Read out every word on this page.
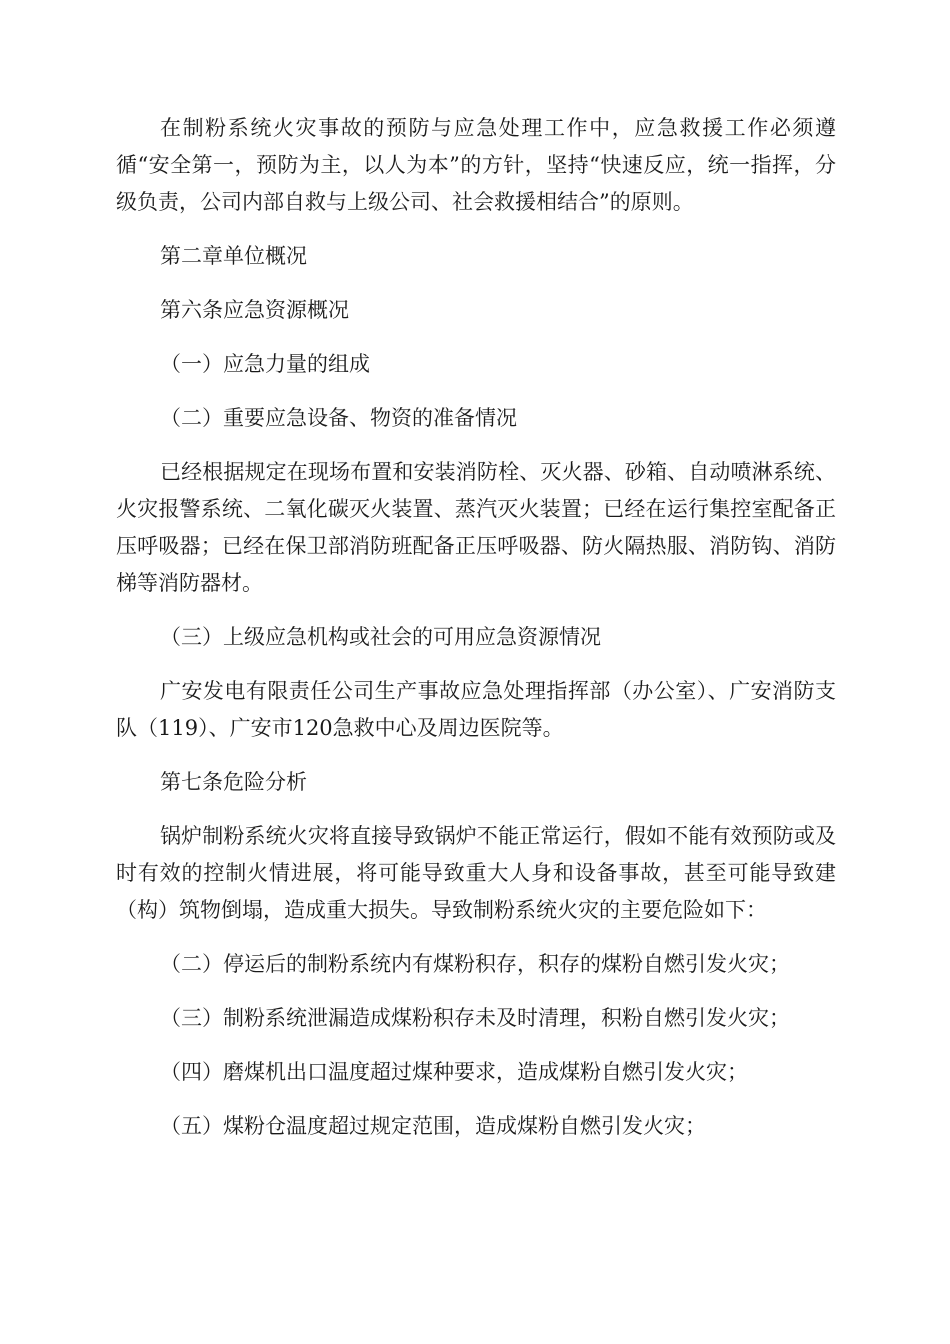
在制粉系统火灾事故的预防与应急处理工作中，应急救援工作必须遵循“安全第一，预防为主，以人为本”的方针，坚持“快速反应，统一指挥，分级负责，公司内部自救与上级公司、社会救援相结合”的原则。

第二章单位概况

第六条应急资源概况

（一）应急力量的组成

（二）重要应急设备、物资的准备情况

已经根据规定在现场布置和安装消防栓、灭火器、砂箱、自动喷淋系统、火灾报警系统、二氧化碳灭火装置、蒸汽灭火装置；已经在运行集控室配备正压呼吸器；已经在保卫部消防班配备正压呼吸器、防火隔热服、消防钩、消防梯等消防器材。

（三）上级应急机构或社会的可用应急资源情况

广安发电有限责任公司生产事故应急处理指挥部（办公室）、广安消防支队（119）、广安市120急救中心及周边医院等。

第七条危险分析

锅炉制粉系统火灾将直接导致锅炉不能正常运行，假如不能有效预防或及时有效的控制火情进展，将可能导致重大人身和设备事故，甚至可能导致建（构）筑物倒塌，造成重大损失。导致制粉系统火灾的主要危险如下：

（二）停运后的制粉系统内有煤粉积存，积存的煤粉自燃引发火灾；

（三）制粉系统泄漏造成煤粉积存未及时清理，积粉自燃引发火灾；

（四）磨煤机出口温度超过煤种要求，造成煤粉自燃引发火灾；

（五）煤粉仓温度超过规定范围，造成煤粉自燃引发火灾；
